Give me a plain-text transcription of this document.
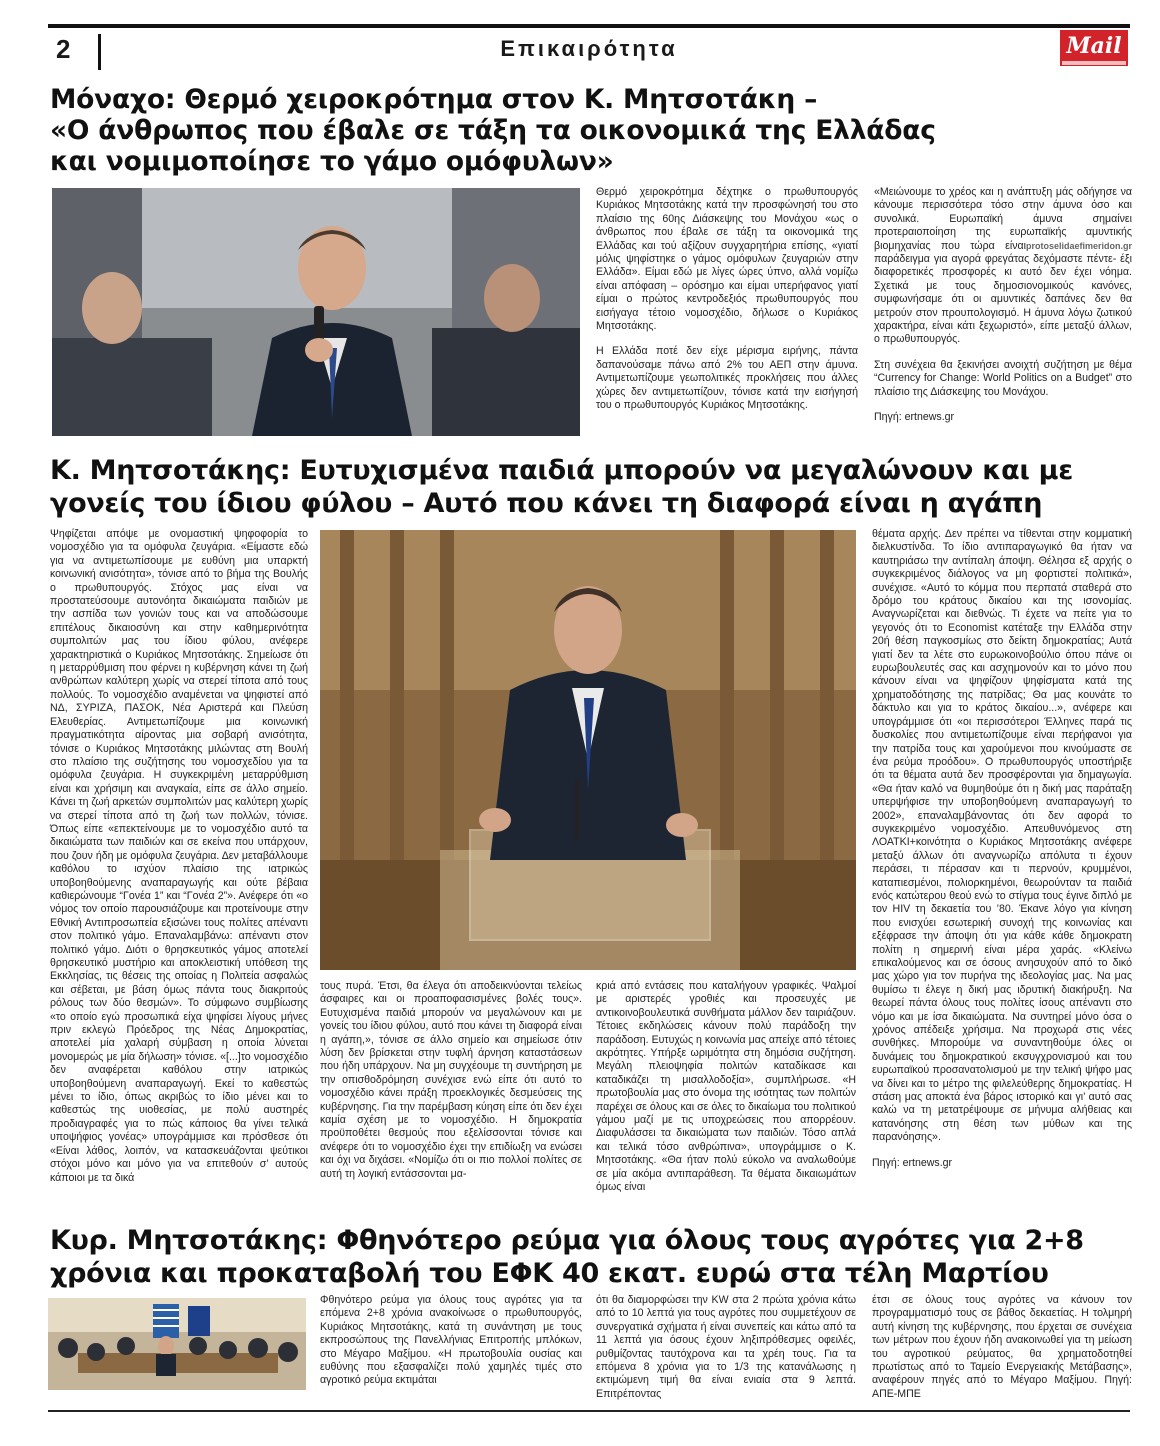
2	Επικαιρότητα	Mail
Μόναχο: Θερμό χειροκρότημα στον Κ. Μητσοτάκη –
«Ο άνθρωπος που έβαλε σε τάξη τα οικονομικά της Ελλάδας
και νομιμοποίησε το γάμο ομόφυλων»

Θερμό χειροκρότημα δέχτηκε ο πρωθυπουργός Κυριάκος Μητσοτάκης κατά την προσφώνησή του στο πλαίσιο της 60ης Διάσκεψης του Μονάχου «ως ο άνθρωπος που έβαλε σε τάξη τα οικονομικά της Ελλάδας και τού αξίζουν συγχαρητήρια επίσης, «γιατί μόλις ψηφίστηκε ο γάμος ομόφυλων ζευγαριών στην Ελλάδα». Είμαι εδώ με λίγες ώρες ύπνο, αλλά νομίζω είναι απόφαση – ορόσημο και είμαι υπερήφανος γιατί είμαι ο πρώτος κεντροδεξιός πρωθυπουργός που εισήγαγα τέτοιο νομοσχέδιο, δήλωσε ο Κυριάκος Μητσοτάκης.

Η Ελλάδα ποτέ δεν είχε μέρισμα ειρήνης, πάντα δαπανούσαμε πάνω από 2% του ΑΕΠ στην άμυνα. Αντιμετωπίζουμε γεωπολιτικές προκλήσεις που άλλες χώρες δεν αντιμετωπίζουν, τόνισε κατά την εισήγησή του ο πρωθυπουργός Κυριάκος Μητσοτάκης.

«Μειώνουμε το χρέος και η ανάπτυξη μάς οδήγησε να κάνουμε περισσότερα τόσο στην άμυνα όσο και συνολικά. Ευρωπαϊκή άμυνα σημαίνει προτεραιοποίηση της ευρωπαϊκής αμυντικής βιομηχανίας που τώρα είναιprotoselidaefimeridon.gr παράδειγμα για αγορά φρεγάτας δεχόμαστε πέντε- έξι διαφορετικές προσφορές κι αυτό δεν έχει νόημα. Σχετικά με τους δημοσιονομικούς κανόνες, συμφωνήσαμε ότι οι αμυντικές δαπάνες δεν θα μετρούν στον προυπολογισμό. Η άμυνα λόγω ζωτικού χαρακτήρα, είναι κάτι ξεχωριστό», είπε μεταξύ άλλων, ο πρωθυπουργός.

Στη συνέχεια θα ξεκινήσει ανοιχτή συζήτηση με θέμα “Currency for Change: World Politics on a Budget” στο πλαίσιο της Διάσκεψης του Μονάχου.

Πηγή: ertnews.gr

Κ. Μητσοτάκης: Ευτυχισμένα παιδιά μπορούν να μεγαλώνουν και με
γονείς του ίδιου φύλου – Αυτό που κάνει τη διαφορά είναι η αγάπη
Ψηφίζεται απόψε με ονομαστική ψηφοφορία το νομοσχέδιο για τα ομόφυλα ζευγάρια. «Είμαστε εδώ για να αντιμετωπίσουμε με ευθύνη μια υπαρκτή κοινωνική ανισότητα», τόνισε από το βήμα της Βουλής ο πρωθυπουργός. Στόχος μας είναι να προστατεύσουμε αυτονόητα δικαιώματα παιδιών με την ασπίδα των γονιών τους και να αποδώσουμε επιτέλους δικαιοσύνη και στην καθημερινότητα συμπολιτών μας του ίδιου φύλου, ανέφερε χαρακτηριστικά ο Κυριάκος Μητσοτάκης. Σημείωσε ότι η μεταρρύθμιση που φέρνει η κυβέρνηση κάνει τη ζωή ανθρώπων καλύτερη χωρίς να στερεί τίποτα από τους πολλούς. Το νομοσχέδιο αναμένεται να ψηφιστεί από ΝΔ, ΣΥΡΙΖΑ, ΠΑΣΟΚ, Νέα Αριστερά και Πλεύση Ελευθερίας. Αντιμετωπίζουμε μια κοινωνική πραγματικότητα αίροντας μια σοβαρή ανισότητα, τόνισε ο Κυριάκος Μητσοτάκης μιλώντας στη Βουλή στο πλαίσιο της συζήτησης του νομοσχεδίου για τα ομόφυλα ζευγάρια. Η συγκεκριμένη μεταρρύθμιση είναι και χρήσιμη και αναγκαία, είπε σε άλλο σημείο. Κάνει τη ζωή αρκετών συμπολιτών μας καλύτερη χωρίς να στερεί τίποτα από τη ζωή των πολλών, τόνισε. Όπως είπε «επεκτείνουμε με το νομοσχέδιο αυτό τα δικαιώματα των παιδιών και σε εκείνα που υπάρχουν, που ζουν ήδη με ομόφυλα ζευγάρια. Δεν μεταβάλλουμε καθόλου το ισχύον πλαίσιο της ιατρικώς υποβοηθούμενης αναπαραγωγής και ούτε βέβαια καθιερώνουμε “Γονέα 1” και “Γονέα 2”». Ανέφερε ότι «ο νόμος τον οποίο παρουσιάζουμε και προτείνουμε στην Εθνική Αντιπροσωπεία εξισώνει τους πολίτες απέναντι στον πολιτικό γάμο. Επαναλαμβάνω: απέναντι στον πολιτικό γάμο. Διότι ο θρησκευτικός γάμος αποτελεί θρησκευτικό μυστήριο και αποκλειστική υπόθεση της Εκκλησίας, τις θέσεις της οποίας η Πολιτεία ασφαλώς και σέβεται, με βάση όμως πάντα τους διακριτούς ρόλους των δύο θεσμών». Το σύμφωνο συμβίωσης «το οποίο εγώ προσωπικά είχα ψηφίσει λίγους μήνες πριν εκλεγώ Πρόεδρος της Νέας Δημοκρατίας, αποτελεί μία χαλαρή σύμβαση η οποία λύνεται μονομερώς με μία δήλωση» τόνισε. «[...]το νομοσχέδιο δεν αναφέρεται καθόλου στην ιατρικώς υποβοηθούμενη αναπαραγωγή. Εκεί το καθεστώς μένει το ίδιο, όπως ακριβώς το ίδιο μένει και το καθεστώς της υιοθεσίας, με πολύ αυστηρές προδιαγραφές για το πώς κάποιος θα γίνει τελικά υποψήφιος γονέας» υπογράμμισε και πρόσθεσε ότι «Είναι λάθος, λοιπόν, να κατασκευάζονται ψεύτικοι στόχοι μόνο και μόνο για να επιτεθούν σ’ αυτούς κάποιοι με τα δικά
τους πυρά. Έτσι, θα έλεγα ότι αποδεικνύονται τελείως άσφαιρες και οι προαποφασισμένες βολές τους». Ευτυχισμένα παιδιά μπορούν να μεγαλώνουν και με γονείς του ίδιου φύλου, αυτό που κάνει τη διαφορά είναι η αγάπη,», τόνισε σε άλλο σημείο και σημείωσε ότιν λύση δεν βρίσκεται στην τυφλή άρνηση καταστάσεων που ήδη υπάρχουν. Να μη συγχέουμε τη συντήρηση με την οπισθοδρόμηση συνέχισε ενώ είπε ότι αυτό το νομοσχέδιο κάνει πράξη προεκλογικές δεσμεύσεις της κυβέρνησης. Για την παρέμβαση κύηση είπε ότι δεν έχει καμία σχέση με το νομοσχέδιο. Η δημοκρατία προϋποθέτει θεσμούς που εξελίσσονται τόνισε και ανέφερε ότι το νομοσχέδιο έχει την επιδίωξη να ενώσει και όχι να διχάσει. «Νομίζω ότι οι πιο πολλοί πολίτες σε αυτή τη λογική εντάσσονται μα-
κριά από εντάσεις που καταλήγουν γραφικές. Ψαλμοί με αριστερές γροθιές και προσευχές με αντικοινοβουλευτικά συνθήματα μάλλον δεν ταιριάζουν. Τέτοιες εκδηλώσεις κάνουν πολύ παράδοξη την παράδοση. Ευτυχώς η κοινωνία μας απείχε από τέτοιες ακρότητες. Υπήρξε ωριμότητα στη δημόσια συζήτηση. Μεγάλη πλειοψηφία πολιτών καταδίκασε και καταδικάζει τη μισαλλοδοξία», συμπλήρωσε. «Η πρωτοβουλία μας στο όνομα της ισότητας των πολιτών παρέχει σε όλους και σε όλες το δικαίωμα του πολιτικού γάμου μαζί με τις υποχρεώσεις που απορρέουν. Διαφυλάσσει τα δικαιώματα των παιδιών. Τόσο απλά και τελικά τόσο ανθρώπινα», υπογράμμισε ο Κ. Μητσοτάκης. «Θα ήταν πολύ εύκολο να αναλωθούμε σε μία ακόμα αντιπαράθεση. Τα θέματα δικαιωμάτων όμως είναι

θέματα αρχής. Δεν πρέπει να τίθενται στην κομματική διελκυστίνδα. Το ίδιο αντιπαραγωγικό θα ήταν να καυτηριάσω την αντίπαλη άποψη. Θέλησα εξ αρχής ο συγκεκριμένος διάλογος να μη φορτιστεί πολιτικά», συνέχισε. «Αυτό το κόμμα που περπατά σταθερά στο δρόμο του κράτους δικαίου και της ισονομίας. Αναγνωρίζεται και διεθνώς. Τι έχετε να πείτε για το γεγονός ότι το Economist κατέταξε την Ελλάδα στην 20ή θέση παγκοσμίως στο δείκτη δημοκρατίας; Αυτά γιατί δεν τα λέτε στο ευρωκοινοβούλιο όπου πάνε οι ευρωβουλευτές σας και ασχημονούν και το μόνο που κάνουν είναι να ψηφίζουν ψηφίσματα κατά της χρηματοδότησης της πατρίδας; Θα μας κουνάτε το δάκτυλο και για το κράτος δικαίου...», ανέφερε και υπογράμμισε ότι «οι περισσότεροι Έλληνες παρά τις δυσκολίες που αντιμετωπίζουμε είναι περήφανοι για την πατρίδα τους και χαρούμενοι που κινούμαστε σε ένα ρεύμα προόδου». Ο πρωθυπουργός υποστήριξε ότι τα θέματα αυτά δεν προσφέρονται για δημαγωγία. «Θα ήταν καλό να θυμηθούμε ότι η δική μας παράταξη υπερψήφισε την υποβοηθούμενη αναπαραγωγή το 2002», επαναλαμβάνοντας ότι δεν αφορά το συγκεκριμένο νομοσχέδιο. Απευθυνόμενος στη ΛΟΑΤΚΙ+κοινότητα ο Κυριάκος Μητσοτάκης ανέφερε μεταξύ άλλων ότι αναγνωρίζω απόλυτα τι έχουν περάσει, τι πέρασαν και τι περνούν, κρυμμένοι, καταπιεσμένοι, πολιορκημένοι, θεωρούνταν τα παιδιά ενός κατώτερου θεού ενώ το στίγμα τους έγινε διπλό με τον HIV τη δεκαετία του ’80. Έκανε λόγο για κίνηση που ενισχύει εσωτερική συνοχή της κοινωνίας και εξέφρασε την άποψη ότι για κάθε κάθε δημοκρατη πολίτη η σημερινή είναι μέρα χαράς. «Κλείνω επικαλούμενος και σε όσους ανησυχούν από το δικό μας χώρο για τον πυρήνα της ιδεολογίας μας. Να μας θυμίσω τι έλεγε η δική μας ιδρυτική διακήρυξη. Να θεωρεί πάντα όλους τους πολίτες ίσους απέναντι στο νόμο και με ίσα δικαιώματα. Να συντηρεί μόνο όσα ο χρόνος απέδειξε χρήσιμα. Να προχωρά στις νέες συνθήκες. Μπορούμε να συναντηθούμε όλες οι δυνάμεις του δημοκρατικού εκσυγχρονισμού και του ευρωπαϊκού προσανατολισμού με την τελική ψήφο μας να δίνει και το μέτρο της φιλελεύθερης δημοκρατίας. Η στάση μας αποκτά ένα βάρος ιστορικό και γι’ αυτό σας καλώ να τη μετατρέψουμε σε μήνυμα αλήθειας και κατανόησης στη θέση των μύθων και της παρανόησης».

Πηγή: ertnews.gr

Κυρ. Μητσοτάκης: Φθηνότερο ρεύμα για όλους τους αγρότες για 2+8
χρόνια και προκαταβολή του ΕΦΚ 40 εκατ. ευρώ στα τέλη Μαρτίου
Φθηνότερο ρεύμα για όλους τους αγρότες για τα επόμενα 2+8 χρόνια ανακοίνωσε ο πρωθυπουργός, Κυριάκος Μητσοτάκης, κατά τη συνάντηση με τους εκπροσώπους της Πανελλήνιας Επιτροπής μπλόκων, στο Μέγαρο Μαξίμου. «Η πρωτοβουλία ουσίας και ευθύνης που εξασφαλίζει πολύ χαμηλές τιμές στο αγροτικό ρεύμα εκτιμάται
ότι θα διαμορφώσει την KW στα 2 πρώτα χρόνια κάτω από το 10 λεπτά για τους αγρότες που συμμετέχουν σε συνεργατικά σχήματα ή είναι συνεπείς και κάτω από τα 11 λεπτά για όσους έχουν ληξιπρόθεσμες οφειλές, ρυθμίζοντας ταυτόχρονα και τα χρέη τους. Για τα επόμενα 8 χρόνια για το 1/3 της κατανάλωσης η εκτιμώμενη τιμή θα είναι ενιαία στα 9 λεπτά. Επιτρέποντας
έτσι σε όλους τους αγρότες να κάνουν τον προγραμματισμό τους σε βάθος δεκαετίας. Η τολμηρή αυτή κίνηση της κυβέρνησης, που έρχεται σε συνέχεια των μέτρων που έχουν ήδη ανακοινωθεί για τη μείωση του αγροτικού ρεύματος, θα χρηματοδοτηθεί πρωτίστως από το Ταμείο Ενεργειακής Μετάβασης», αναφέρουν πηγές από το Μέγαρο Μαξίμου. Πηγή: ΑΠΕ-ΜΠΕ
